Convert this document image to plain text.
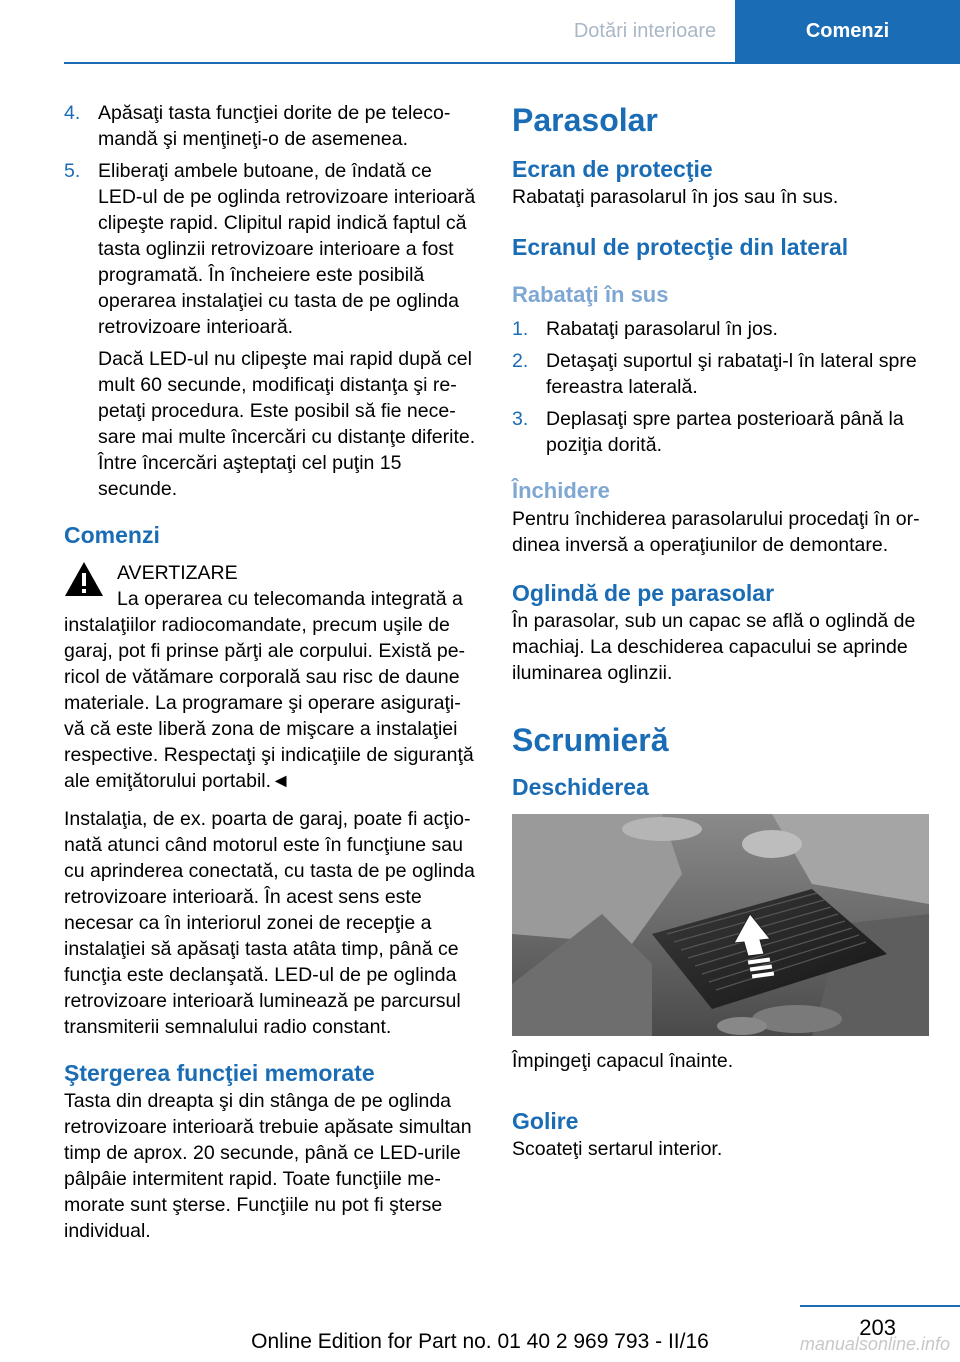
Dotări interioare	Comenzi
4. Apăsaţi tasta funcţiei dorite de pe telecomandă şi menţineţi-o de asemenea.
5. Eliberaţi ambele butoane, de îndată ce LED-ul de pe oglinda retrovizoare interioară clipeşte rapid. Clipitul rapid indică faptul că tasta oglinzii retrovizoare interioare a fost programată. În încheiere este posibilă operarea instalaţiei cu tasta de pe oglinda retrovizoare interioară.

Dacă LED-ul nu clipeşte mai rapid după cel mult 60 secunde, modificaţi distanţa şi repetaţi procedura. Este posibil să fie necesare mai multe încercări cu distanţe diferite. Între încercări aşteptaţi cel puţin 15 secunde.

Comenzi

AVERTIZARE

La operarea cu telecomanda integrată a instalaţiilor radiocomandate, precum uşile de garaj, pot fi prinse părţi ale corpului. Există pericol de vătămare corporală sau risc de daune materiale. La programare şi operare asiguraţi-vă că este liberă zona de mişcare a instalaţiei respective. Respectaţi şi indicaţiile de siguranţă ale emiţătorului portabil.◄

Instalaţia, de ex. poarta de garaj, poate fi acţionată atunci când motorul este în funcţiune sau cu aprinderea conectată, cu tasta de pe oglinda retrovizoare interioară. În acest sens este necesar ca în interiorul zonei de recepţie a instalaţiei să apăsaţi tasta atâta timp, până ce funcţia este declanşată. LED-ul de pe oglinda retrovizoare interioară luminează pe parcursul transmiterii semnalului radio constant.

Ştergerea funcţiei memorate

Tasta din dreapta şi din stânga de pe oglinda retrovizoare interioară trebuie apăsate simultan timp de aprox. 20 secunde, până ce LED-urile pâlpâie intermitent rapid. Toate funcţiile memorate sunt şterse. Funcţiile nu pot fi şterse individual.

Parasolar
Ecran de protecţie

Rabataţi parasolarul în jos sau în sus.

Ecranul de protecţie din lateral
Rabataţi în sus
1. Rabataţi parasolarul în jos.
2. Detaşaţi suportul şi rabataţi-l în lateral spre fereastra laterală.
3. Deplasaţi spre partea posterioară până la poziţia dorită.
Închidere

Pentru închiderea parasolarului procedaţi în ordinea inversă a operaţiunilor de demontare.

Oglindă de pe parasolar

În parasolar, sub un capac se află o oglindă de machiaj. La deschiderea capacului se aprinde iluminarea oglinzii.

Scrumieră
Deschiderea

Împingeţi capacul înainte.

Golire

Scoateţi sertarul interior.

203
Online Edition for Part no. 01 40 2 969 793 - II/16	manualsonline.info
